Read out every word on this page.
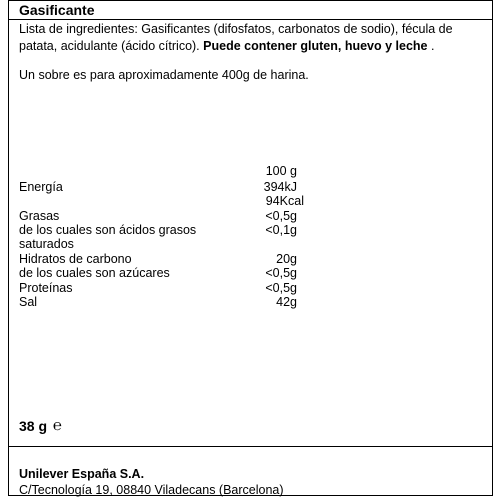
Gasificante
Lista de ingredientes: Gasificantes (difosfatos, carbonatos de sodio), fécula de patata, acidulante (ácido cítrico). Puede contener gluten, huevo y leche .
Un sobre es para aproximadamente 400g de harina.
100 g
Energía	394kJ
94Kcal
Grasas	<0,5g
de los cuales son ácidos grasos	<0,1g
saturados
Hidratos de carbono	20g
de los cuales son azúcares	<0,5g
Proteínas	<0,5g
Sal	42g
38 g ℮
Unilever España S.A.
C/Tecnología 19, 08840 Viladecans (Barcelona)
